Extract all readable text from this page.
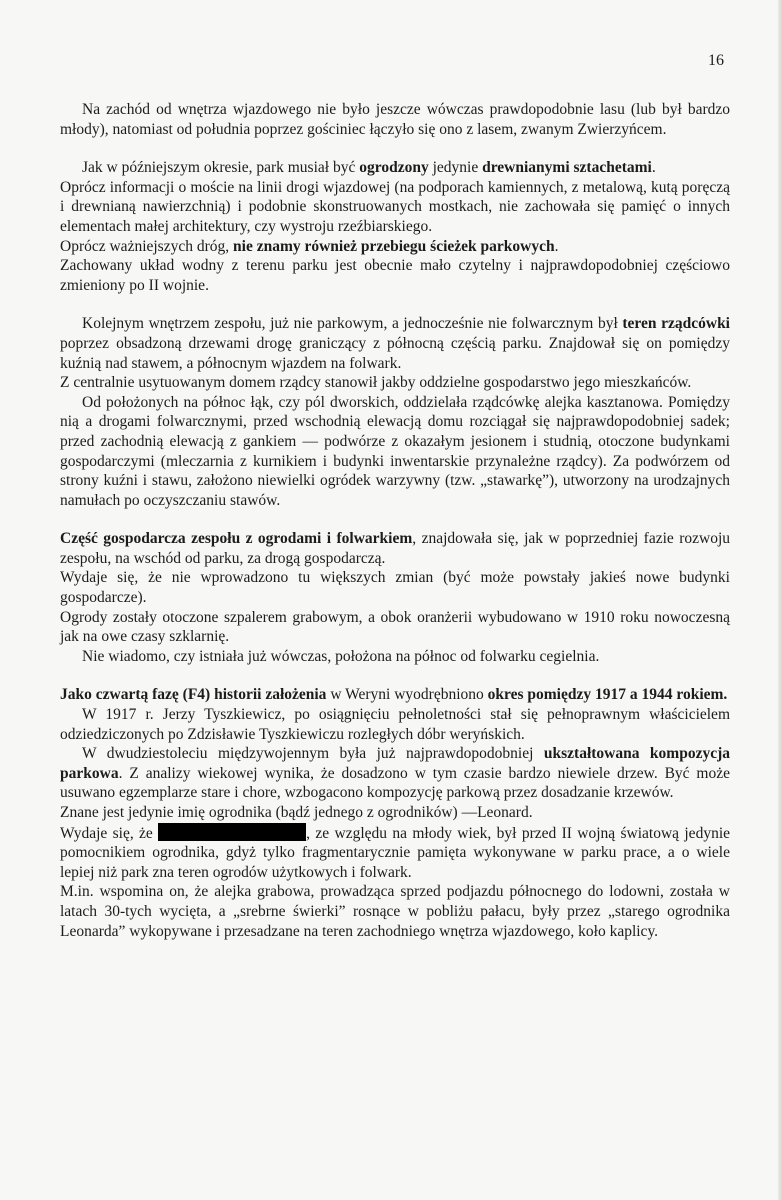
16

Na zachód od wnętrza wjazdowego nie było jeszcze wówczas prawdopodobnie lasu (lub był bardzo młody), natomiast od południa poprzez gościniec łączyło się ono z lasem, zwanym Zwierzyńcem.

Jak w późniejszym okresie, park musiał być ogrodzony jedynie drewnianymi sztachetami.

Oprócz informacji o moście na linii drogi wjazdowej (na podporach kamiennych, z metalową, kutą poręczą i drewnianą nawierzchnią) i podobnie skonstruowanych mostkach, nie zachowała się pamięć o innych elementach małej architektury, czy wystroju rzeźbiarskiego.

Oprócz ważniejszych dróg, nie znamy również przebiegu ścieżek parkowych.

Zachowany układ wodny z terenu parku jest obecnie mało czytelny i najprawdopodobniej częściowo zmieniony po II wojnie.

Kolejnym wnętrzem zespołu, już nie parkowym, a jednocześnie nie folwarcznym był teren rządcówki poprzez obsadzoną drzewami drogę graniczący z północną częścią parku. Znajdował się on pomiędzy kuźnią nad stawem, a północnym wjazdem na folwark.

Z centralnie usytuowanym domem rządcy stanowił jakby oddzielne gospodarstwo jego mieszkańców.

Od położonych na północ łąk, czy pól dworskich, oddzielała rządcówkę alejka kasztanowa. Pomiędzy nią a drogami folwarcznymi, przed wschodnią elewacją domu rozciągał się najprawdopodobniej sadek; przed zachodnią elewacją z gankiem — podwórze z okazałym jesionem i studnią, otoczone budynkami gospodarczymi (mleczarnia z kurnikiem i budynki inwentarskie przynależne rządcy). Za podwórzem od strony kuźni i stawu, założono niewielki ogródek warzywny (tzw. „stawarkę”), utworzony na urodzajnych namułach po oczyszczaniu stawów.

Część gospodarcza zespołu z ogrodami i folwarkiem, znajdowała się, jak w poprzedniej fazie rozwoju zespołu, na wschód od parku, za drogą gospodarczą.

Wydaje się, że nie wprowadzono tu większych zmian (być może powstały jakieś nowe budynki gospodarcze).

Ogrody zostały otoczone szpalerem grabowym, a obok oranżerii wybudowano w 1910 roku nowoczesną jak na owe czasy szklarnię.

Nie wiadomo, czy istniała już wówczas, położona na północ od folwarku cegielnia.

Jako czwartą fazę (F4) historii założenia w Weryni wyodrębniono okres pomiędzy 1917 a 1944 rokiem.

W 1917 r. Jerzy Tyszkiewicz, po osiągnięciu pełnoletności stał się pełnoprawnym właścicielem odziedziczonych po Zdzisławie Tyszkiewiczu rozległych dóbr weryńskich.

W dwudziestoleciu międzywojennym była już najprawdopodobniej ukształtowana kompozycja parkowa. Z analizy wiekowej wynika, że dosadzono w tym czasie bardzo niewiele drzew. Być może usuwano egzemplarze stare i chore, wzbogacono kompozycję parkową przez dosadzanie krzewów.

Znane jest jedynie imię ogrodnika (bądź jednego z ogrodników) —Leonard.

Wydaje się, że	, ze względu na młody wiek, był przed II wojną światową jedynie pomocnikiem ogrodnika, gdyż tylko fragmentarycznie pamięta wykonywane w parku prace, a o wiele lepiej niż park zna teren ogrodów użytkowych i folwark.

M.in. wspomina on, że alejka grabowa, prowadząca sprzed podjazdu północnego do lodowni, została w latach 30-tych wycięta, a „srebrne świerki” rosnące w pobliżu pałacu, były przez „starego ogrodnika Leonarda” wykopywane i przesadzane na teren zachodniego wnętrza wjazdowego, koło kaplicy.
